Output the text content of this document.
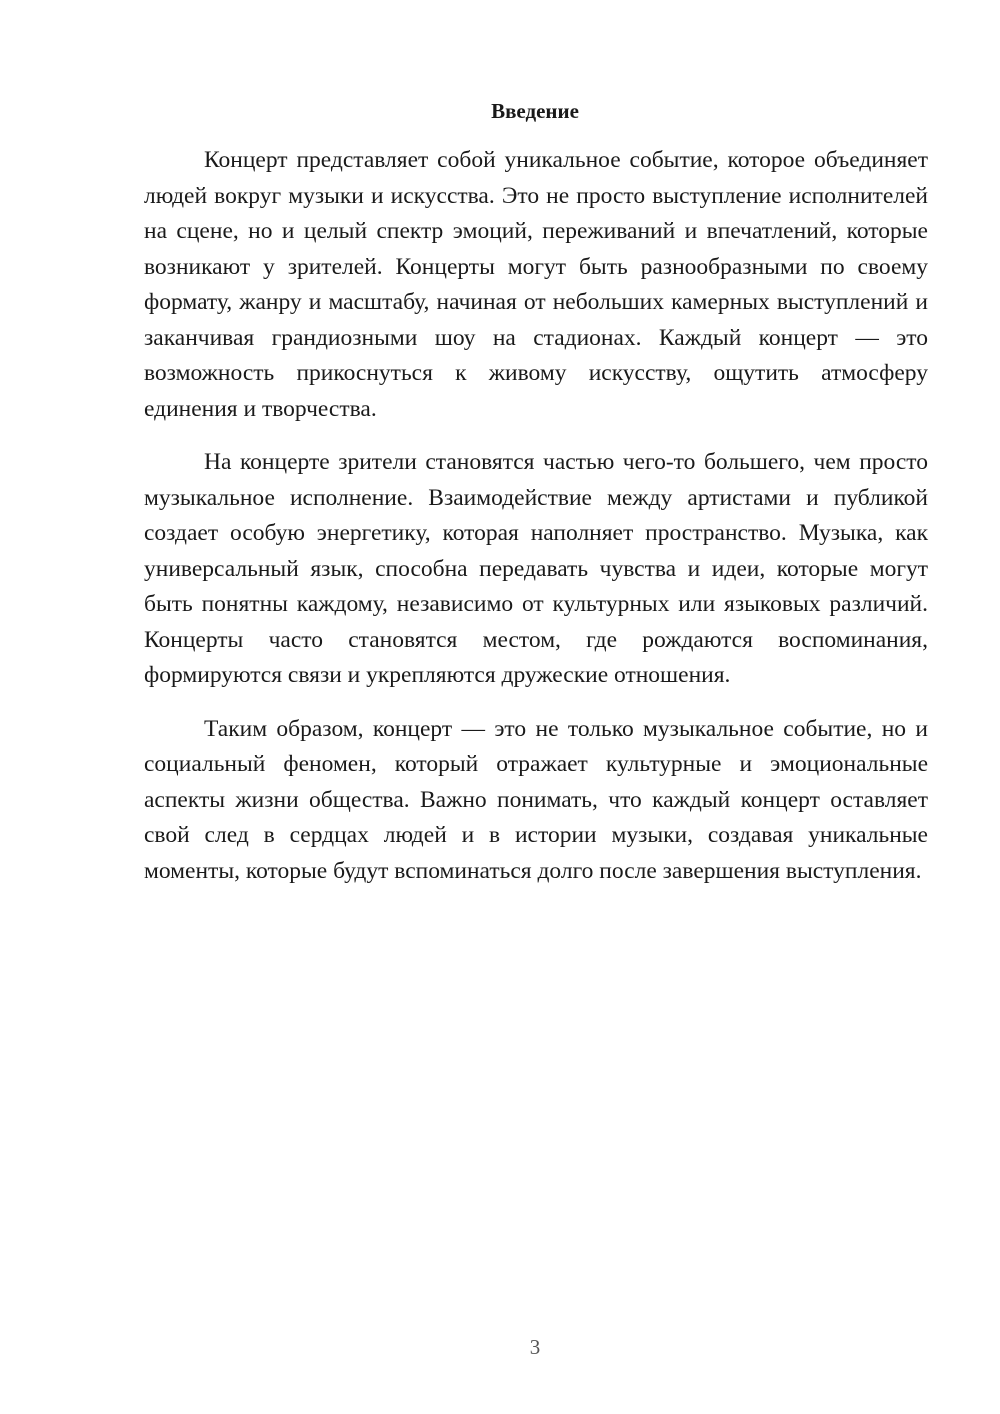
Введение

Концерт представляет собой уникальное событие, которое объединяет людей вокруг музыки и искусства. Это не просто выступление исполнителей на сцене, но и целый спектр эмоций, переживаний и впечатлений, которые возникают у зрителей. Концерты могут быть разнообразными по своему формату, жанру и масштабу, начиная от небольших камерных выступлений и заканчивая грандиозными шоу на стадионах. Каждый концерт — это возможность прикоснуться к живому искусству, ощутить атмосферу единения и творчества.

На концерте зрители становятся частью чего-то большего, чем просто музыкальное исполнение. Взаимодействие между артистами и публикой создает особую энергетику, которая наполняет пространство. Музыка, как универсальный язык, способна передавать чувства и идеи, которые могут быть понятны каждому, независимо от культурных или языковых различий. Концерты часто становятся местом, где рождаются воспоминания, формируются связи и укрепляются дружеские отношения.

Таким образом, концерт — это не только музыкальное событие, но и социальный феномен, который отражает культурные и эмоциональные аспекты жизни общества. Важно понимать, что каждый концерт оставляет свой след в сердцах людей и в истории музыки, создавая уникальные моменты, которые будут вспоминаться долго после завершения выступления.

3
